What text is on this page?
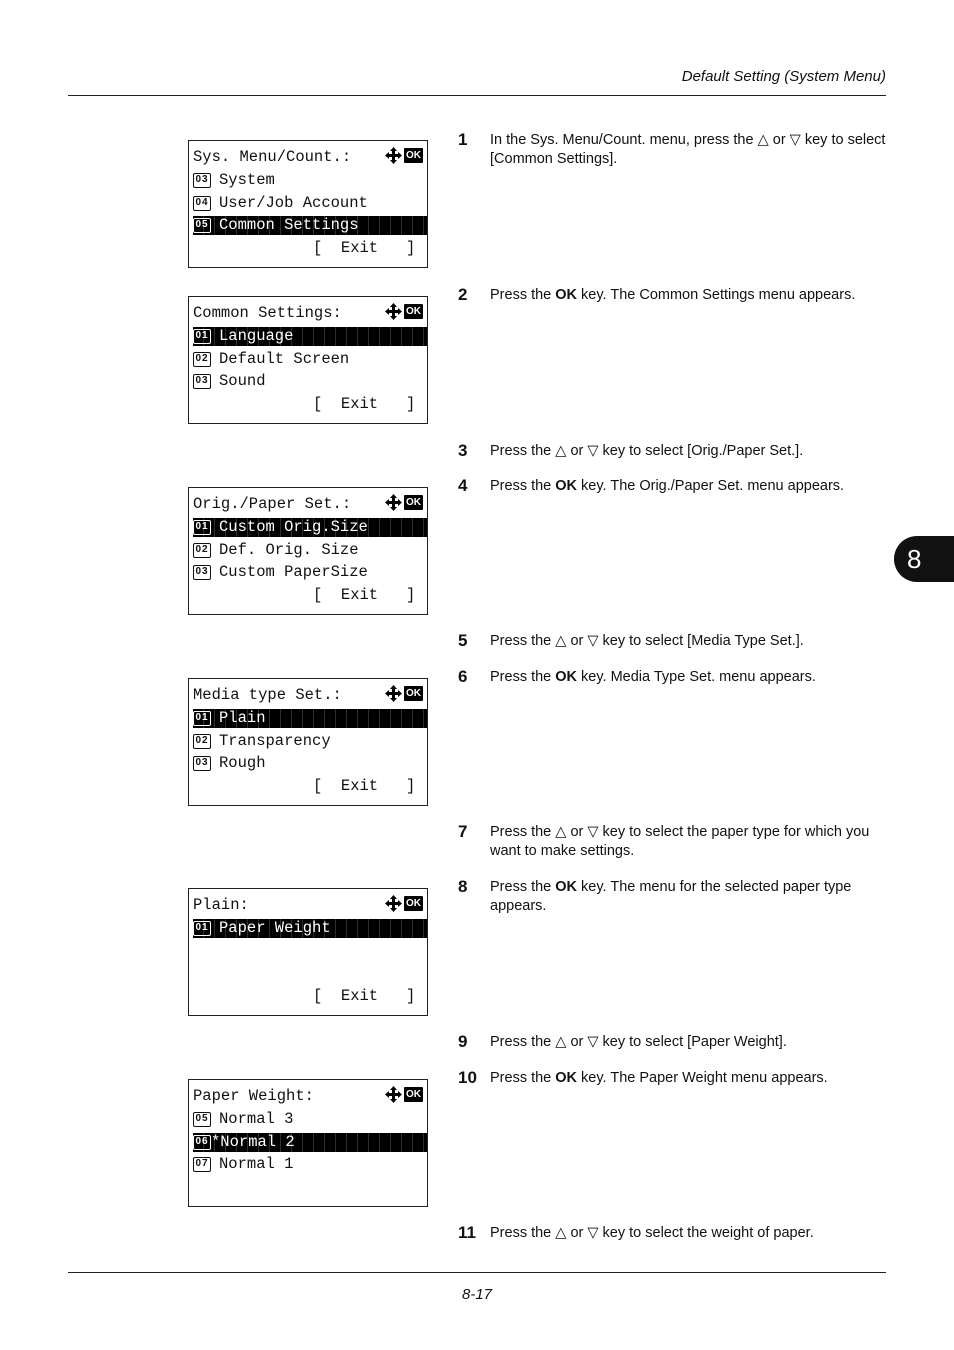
Default Setting (System Menu)
8
Sys. Menu/Count.:	OK
03 System
04 User/Job Account
05 Common Settings
[  Exit   ]
Common Settings:	OK
01 Language
02 Default Screen
03 Sound
[  Exit   ]
Orig./Paper Set.:	OK
01 Custom Orig.Size
02 Def. Orig. Size
03 Custom PaperSize
[  Exit   ]
Media type Set.:	OK
01 Plain
02 Transparency
03 Rough
[  Exit   ]
Plain:	OK
01 Paper Weight
[  Exit   ]
Paper Weight:	OK
05 Normal 3
06 *Normal 2
07 Normal 1
1	In the Sys. Menu/Count. menu, press the △ or ▽ key to select [Common Settings].
2	Press the OK key. The Common Settings menu appears.
3	Press the △ or ▽ key to select [Orig./Paper Set.].
4	Press the OK key. The Orig./Paper Set. menu appears.
5	Press the △ or ▽ key to select [Media Type Set.].
6	Press the OK key. Media Type Set. menu appears.
7	Press the △ or ▽ key to select the paper type for which you want to make settings.
8	Press the OK key. The menu for the selected paper type appears.
9	Press the △ or ▽ key to select [Paper Weight].
10 Press the OK key. The Paper Weight menu appears.
11 Press the △ or ▽ key to select the weight of paper.
8-17
